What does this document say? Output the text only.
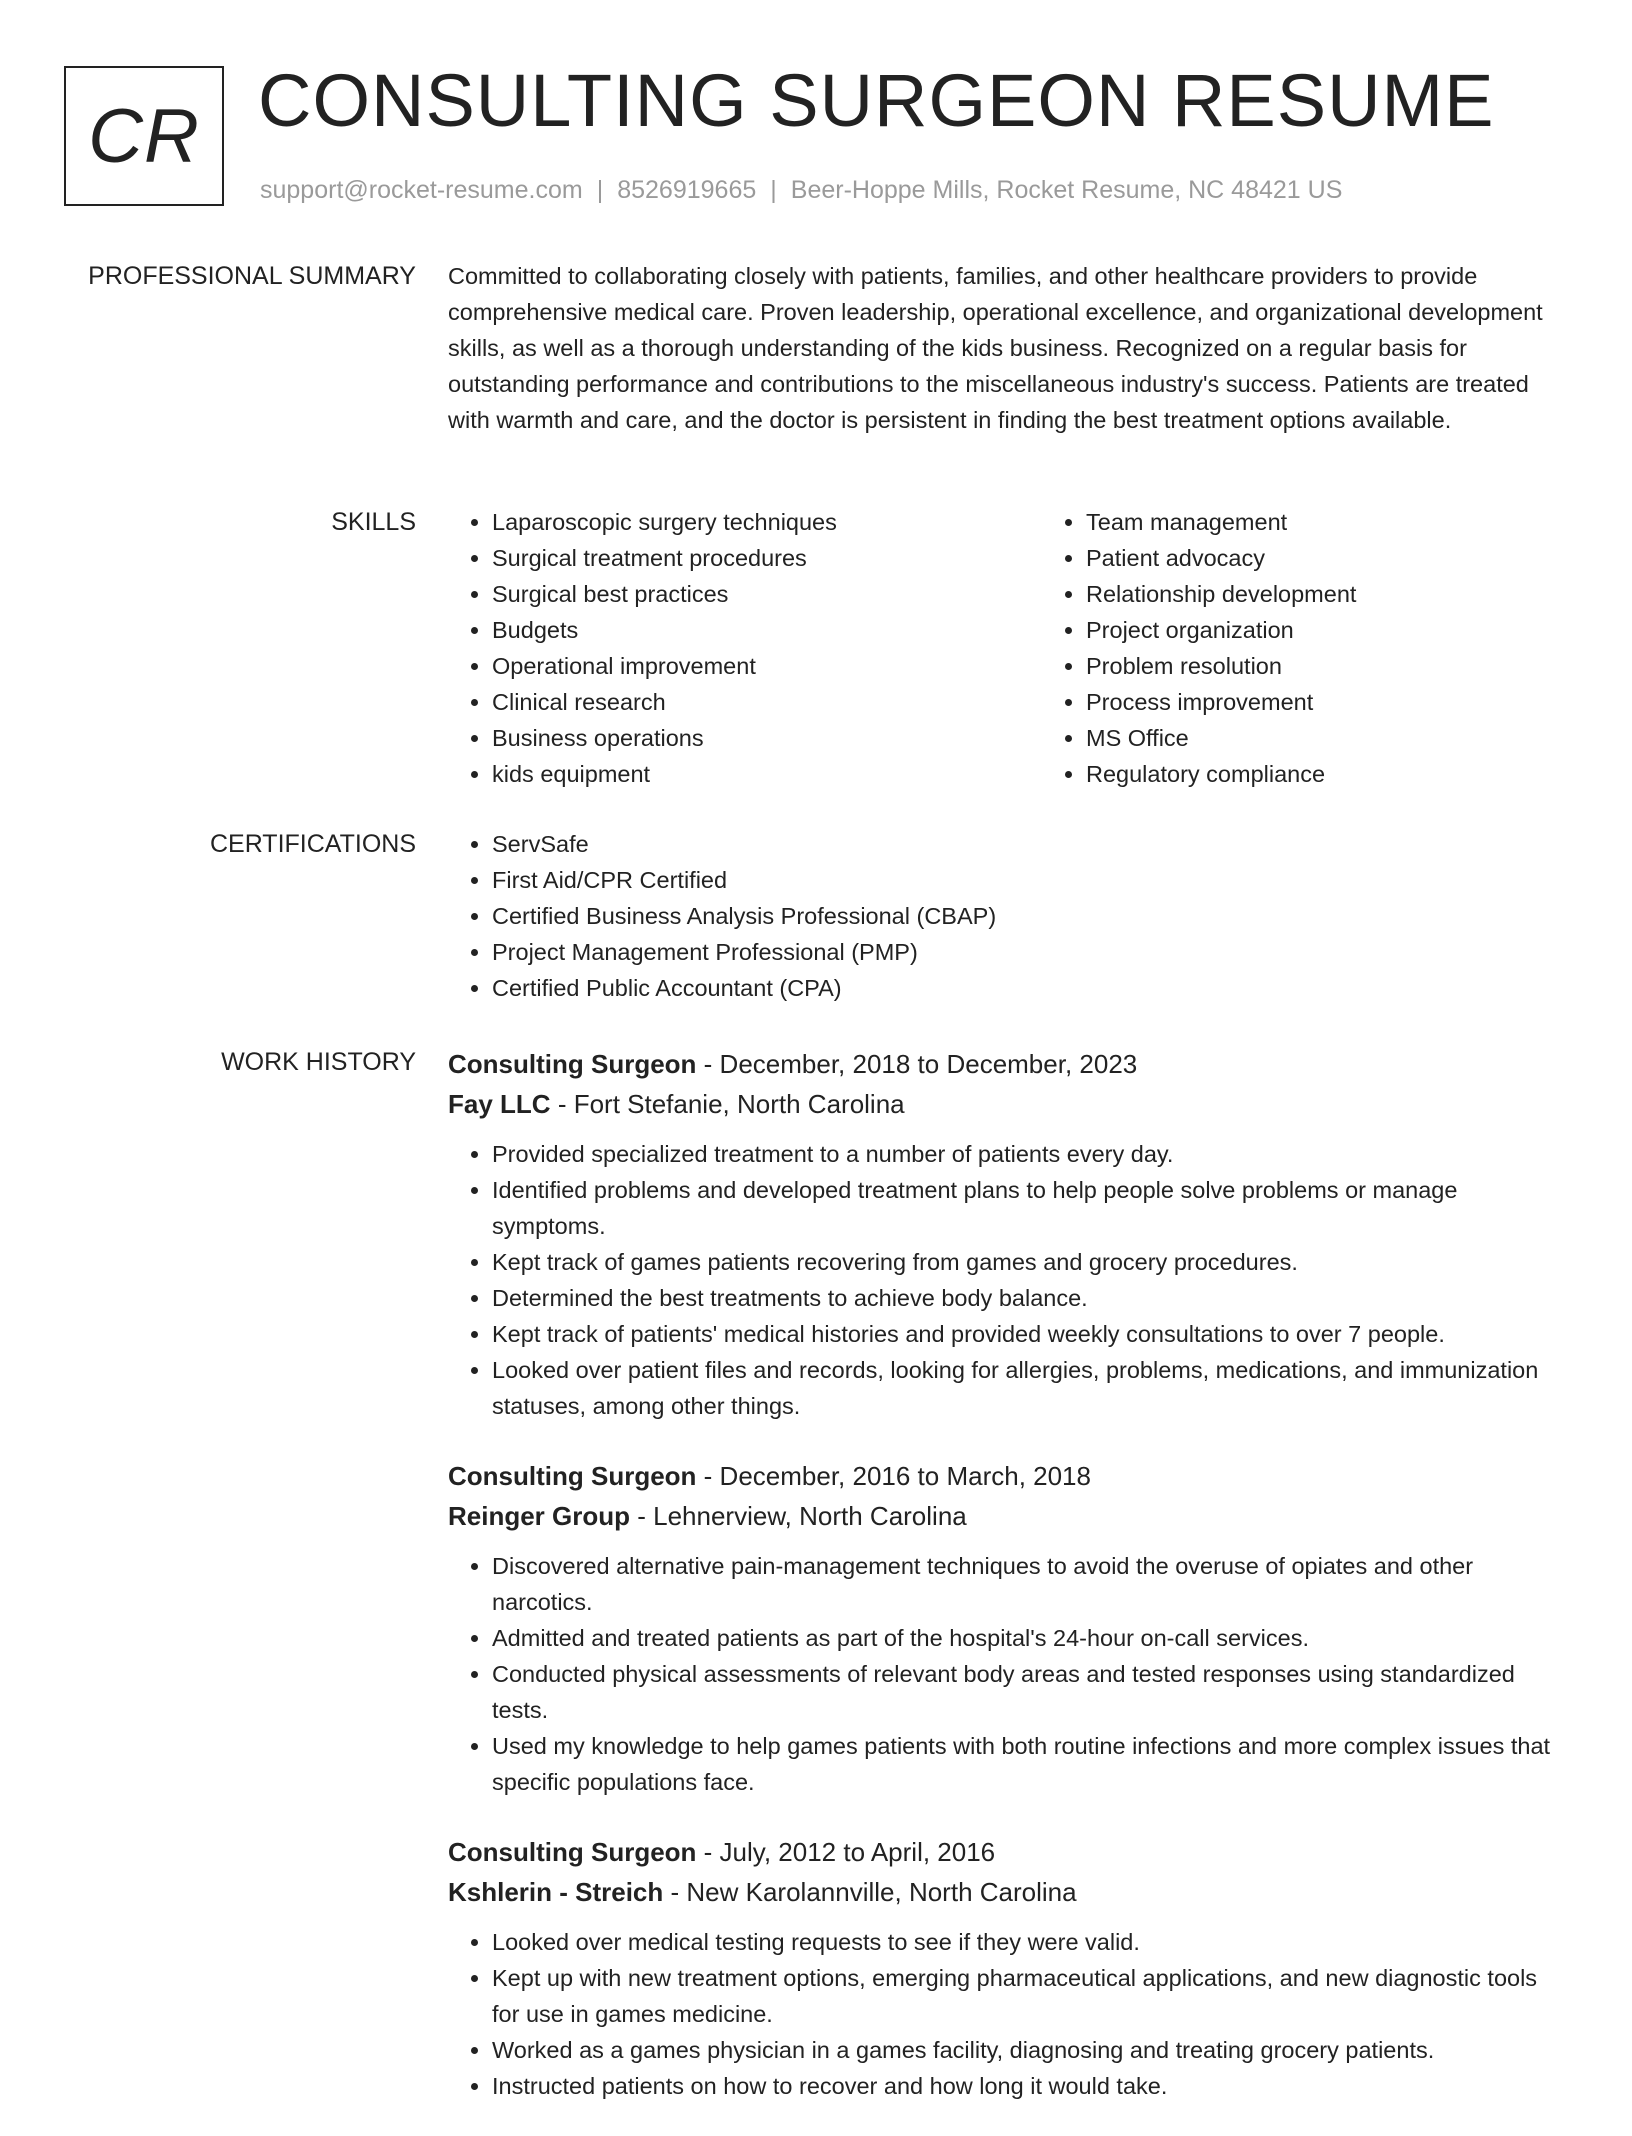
CR CONSULTING SURGEON RESUME
support@rocket-resume.com | 8526919665 | Beer-Hoppe Mills, Rocket Resume, NC 48421 US
PROFESSIONAL SUMMARY Committed to collaborating closely with patients, families, and other healthcare providers to provide comprehensive medical care. Proven leadership, operational excellence, and organizational development skills, as well as a thorough understanding of the kids business. Recognized on a regular basis for outstanding performance and contributions to the miscellaneous industry's success. Patients are treated with warmth and care, and the doctor is persistent in finding the best treatment options available.

SKILLS	• Laparoscopic surgery techniques
• Surgical treatment procedures
• Surgical best practices
• Budgets
• Operational improvement
• Clinical research
• Business operations
• kids equipment
• Team management
• Patient advocacy
• Relationship development
• Project organization
• Problem resolution
• Process improvement
• MS Office
• Regulatory compliance
CERTIFICATIONS	• ServSafe
• First Aid/CPR Certified
• Certified Business Analysis Professional (CBAP)
• Project Management Professional (PMP)
• Certified Public Accountant (CPA)
WORK HISTORY Consulting Surgeon - December, 2018 to December, 2023
Fay LLC - Fort Stefanie, North Carolina
• Provided specialized treatment to a number of patients every day.
• Identified problems and developed treatment plans to help people solve problems or manage symptoms.
• Kept track of games patients recovering from games and grocery procedures.
• Determined the best treatments to achieve body balance.
• Kept track of patients' medical histories and provided weekly consultations to over 7 people.
• Looked over patient files and records, looking for allergies, problems, medications, and immunization statuses, among other things.
Consulting Surgeon - December, 2016 to March, 2018
Reinger Group - Lehnerview, North Carolina
• Discovered alternative pain-management techniques to avoid the overuse of opiates and other narcotics.
• Admitted and treated patients as part of the hospital's 24-hour on-call services.
• Conducted physical assessments of relevant body areas and tested responses using standardized tests.
• Used my knowledge to help games patients with both routine infections and more complex issues that specific populations face.
Consulting Surgeon - July, 2012 to April, 2016
Kshlerin - Streich - New Karolannville, North Carolina
• Looked over medical testing requests to see if they were valid.
• Kept up with new treatment options, emerging pharmaceutical applications, and new diagnostic tools for use in games medicine.
• Worked as a games physician in a games facility, diagnosing and treating grocery patients.
• Instructed patients on how to recover and how long it would take.
